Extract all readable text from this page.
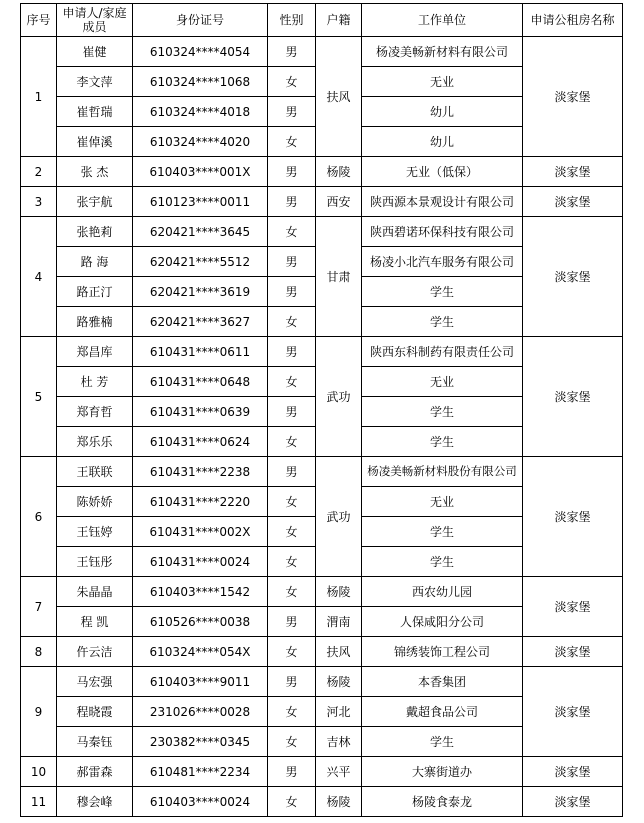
序号	申请人/家庭成员	身份证号	性别	户籍	工作单位	申请公租房名称
1	崔健	610324****4054	男	扶风	杨凌美畅新材料有限公司	淡家堡
	李文萍	610324****1068	女		无业	
	崔哲瑞	610324****4018	男		幼儿	
	崔倬溪	610324****4020	女		幼儿	
2	张 杰	610403****001X	男	杨陵	无业（低保）	淡家堡
3	张宇航	610123****0011	男	西安	陕西源本景观设计有限公司	淡家堡
4	张艳莉	620421****3645	女	甘肃	陕西碧诺环保科技有限公司	淡家堡
	路 海	620421****5512	男		杨凌小北汽车服务有限公司	
	路正汀	620421****3619	男		学生	
	路雅楠	620421****3627	女		学生	
5	郑昌库	610431****0611	男	武功	陕西东科制药有限责任公司	淡家堡
	杜 芳	610431****0648	女		无业	
	郑育哲	610431****0639	男		学生	
	郑乐乐	610431****0624	女		学生	
6	王联联	610431****2238	男	武功	杨凌美畅新材料股份有限公司	淡家堡
	陈娇娇	610431****2220	女		无业	
	王钰婷	610431****002X	女		学生	
	王钰彤	610431****0024	女		学生	
7	朱晶晶	610403****1542	女	杨陵	西农幼儿园	淡家堡
	程 凯	610526****0038	男	渭南	人保咸阳分公司	
8	仵云洁	610324****054X	女	扶风	锦绣装饰工程公司	淡家堡
9	马宏强	610403****9011	男	杨陵	本香集团	淡家堡
	程晓霞	231026****0028	女	河北	戴超食品公司	
	马秦钰	230382****0345	女	吉林	学生	
10	郝雷森	610481****2234	男	兴平	大寨街道办	淡家堡
11	穆会峰	610403****0024	女	杨陵	杨陵食泰龙	淡家堡
